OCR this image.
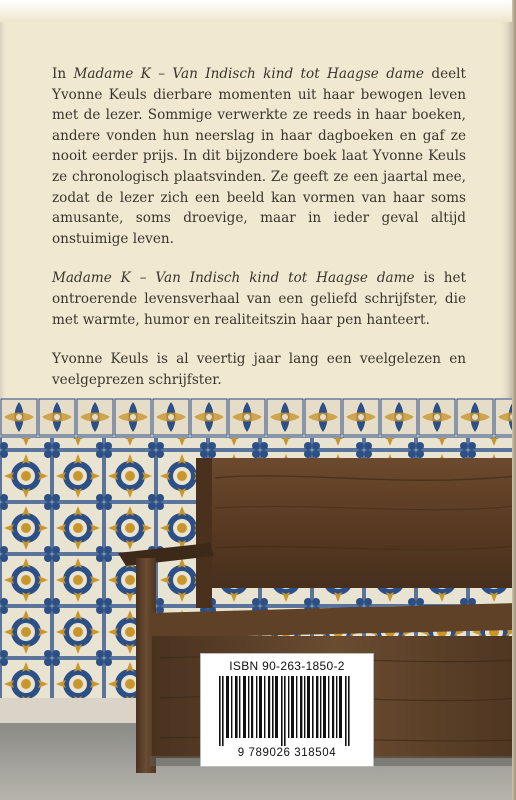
In Madame K – Van Indisch kind tot Haagse dame deelt Yvonne Keuls dierbare momenten uit haar bewogen leven met de lezer. Sommige verwerkte ze reeds in haar boeken, andere vonden hun neerslag in haar dagboeken en gaf ze nooit eerder prijs. In dit bijzondere boek laat Yvonne Keuls ze chronologisch plaatsvinden. Ze geeft ze een jaartal mee, zodat de lezer zich een beeld kan vormen van haar soms amusante, soms droevige, maar in ieder geval altijd onstuimige leven.

Madame K – Van Indisch kind tot Haagse dame is het ontroerende levensverhaal van een geliefd schrijfster, die met warmte, humor en realiteitszin haar pen hanteert.

Yvonne Keuls is al veertig jaar lang een veelgelezen en veelgeprezen schrijfster.

ISBN 90-263-1850-2
9 789026 318504
